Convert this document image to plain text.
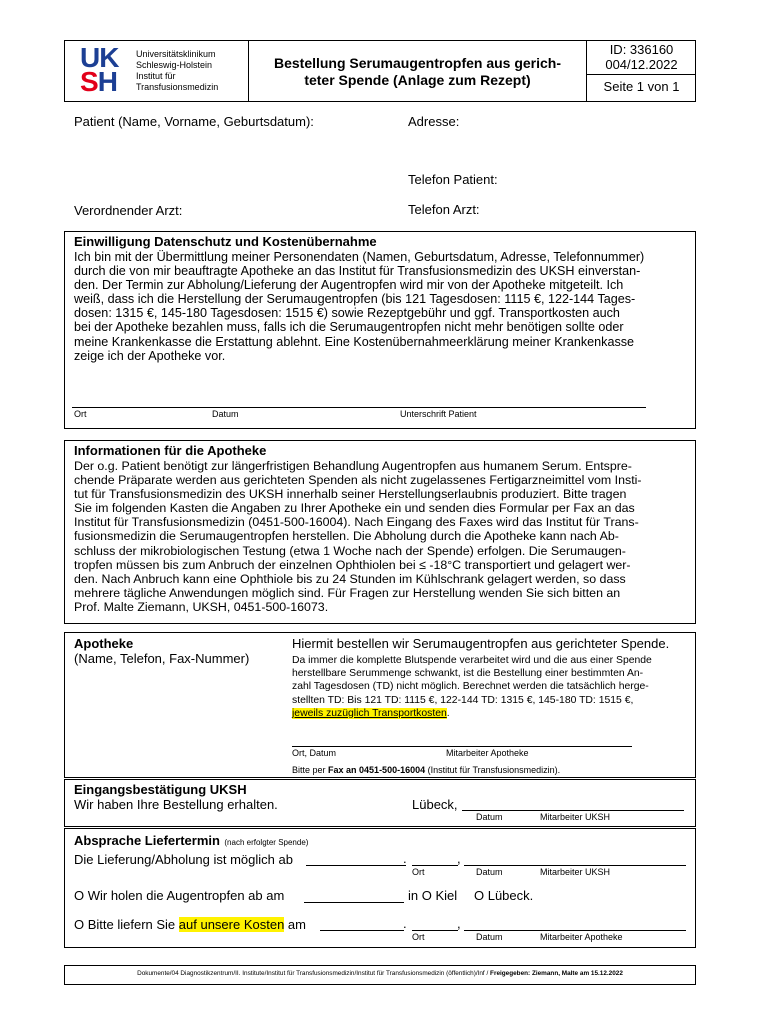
UK
SH
Universitätsklinikum
Schleswig-Holstein
Institut für
Transfusionsmedizin
Bestellung Serumaugentropfen aus gerich-
teter Spende (Anlage zum Rezept)
ID: 336160
004/12.2022
Seite 1 von 1
Patient (Name, Vorname, Geburtsdatum):	Adresse:
Telefon Patient:
Verordnender Arzt:	Telefon Arzt:
Einwilligung Datenschutz und Kostenübernahme
Ich bin mit der Übermittlung meiner Personendaten (Namen, Geburtsdatum, Adresse, Telefonnummer)
durch die von mir beauftragte Apotheke an das Institut für Transfusionsmedizin des UKSH einverstan-
den. Der Termin zur Abholung/Lieferung der Augentropfen wird mir von der Apotheke mitgeteilt. Ich
weiß, dass ich die Herstellung der Serumaugentropfen (bis 121 Tagesdosen: 1115 €, 122-144 Tages-
dosen: 1315 €, 145-180 Tagesdosen: 1515 €) sowie Rezeptgebühr und ggf. Transportkosten auch
bei der Apotheke bezahlen muss, falls ich die Serumaugentropfen nicht mehr benötigen sollte oder
meine Krankenkasse die Erstattung ablehnt. Eine Kostenübernahmeerklärung meiner Krankenkasse
zeige ich der Apotheke vor.
Ort	Datum	Unterschrift Patient
Informationen für die Apotheke
Der o.g. Patient benötigt zur längerfristigen Behandlung Augentropfen aus humanem Serum. Entspre-
chende Präparate werden aus gerichteten Spenden als nicht zugelassenes Fertigarzneimittel vom Insti-
tut für Transfusionsmedizin des UKSH innerhalb seiner Herstellungserlaubnis produziert. Bitte tragen
Sie im folgenden Kasten die Angaben zu Ihrer Apotheke ein und senden dies Formular per Fax an das
Institut für Transfusionsmedizin (0451-500-16004). Nach Eingang des Faxes wird das Institut für Trans-
fusionsmedizin die Serumaugentropfen herstellen. Die Abholung durch die Apotheke kann nach Ab-
schluss der mikrobiologischen Testung (etwa 1 Woche nach der Spende) erfolgen. Die Serumaugen-
tropfen müssen bis zum Anbruch der einzelnen Ophthiolen bei ≤ -18°C transportiert und gelagert wer-
den. Nach Anbruch kann eine Ophthiole bis zu 24 Stunden im Kühlschrank gelagert werden, so dass
mehrere tägliche Anwendungen möglich sind. Für Fragen zur Herstellung wenden Sie sich bitten an
Prof. Malte Ziemann, UKSH, 0451-500-16073.
Apotheke
(Name, Telefon, Fax-Nummer)
Hiermit bestellen wir Serumaugentropfen aus gerichteter Spende.
Da immer die komplette Blutspende verarbeitet wird und die aus einer Spende
herstellbare Serummenge schwankt, ist die Bestellung einer bestimmten An-
zahl Tagesdosen (TD) nicht möglich. Berechnet werden die tatsächlich herge-
stellten TD: Bis 121 TD: 1115 €, 122-144 TD: 1315 €, 145-180 TD: 1515 €,
jeweils zuzüglich Transportkosten.
Ort, Datum	Mitarbeiter Apotheke
Bitte per Fax an 0451-500-16004 (Institut für Transfusionsmedizin).
Eingangsbestätigung UKSH
Wir haben Ihre Bestellung erhalten.	Lübeck,
Datum	Mitarbeiter UKSH
Absprache Liefertermin (nach erfolgter Spende)
Die Lieferung/Abholung ist möglich ab	.	,
Ort	Datum	Mitarbeiter UKSH
O Wir holen die Augentropfen ab am	in O Kiel O Lübeck.
O Bitte liefern Sie auf unsere Kosten am	.	,
Ort	Datum	Mitarbeiter Apotheke
Dokumente/04 Diagnostikzentrum/II. Institute/Institut für Transfusionsmedizin/Institut für Transfusionsmedizin (öffentlich)/Inf / Freigegeben: Ziemann, Malte am 15.12.2022
